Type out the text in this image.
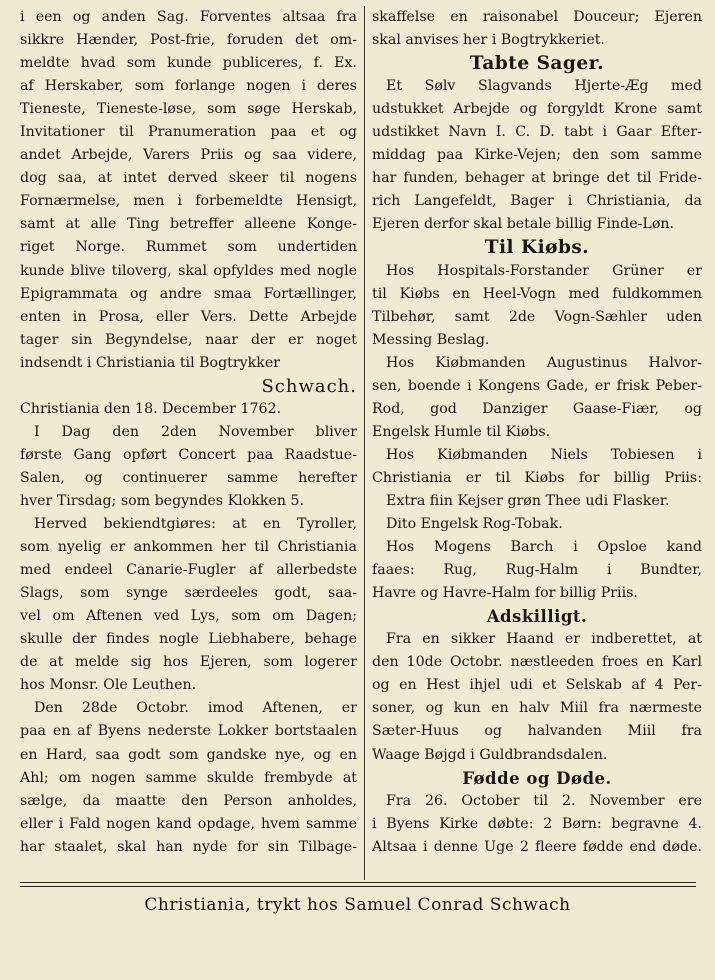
i een og anden Sag. Forventes altsaa fra
sikkre Hænder, Post-frie, foruden det om-
meldte hvad som kunde publiceres, f. Ex.
af Herskaber, som forlange nogen i deres
Tieneste, Tieneste-løse, som søge Herskab,
Invitationer til Pranumeration paa et og
andet Arbejde, Varers Priis og saa videre,
dog saa, at intet derved skeer til nogens
Fornærmelse, men i forbemeldte Hensigt,
samt at alle Ting betreffer alleene Konge-
riget Norge. Rummet som undertiden
kunde blive tiloverg, skal opfyldes med nogle
Epigrammata og andre smaa Fortællinger,
enten in Prosa, eller Vers. Dette Arbejde
tager sin Begyndelse, naar der er noget
indsendt i Christiania til Bogtrykker
Schwach.
Christiania den 18. December 1762.
I Dag den 2den November bliver
første Gang opført Concert paa Raadstue-
Salen, og continuerer samme herefter
hver Tirsdag; som begyndes Klokken 5.
Herved bekiendtgiøres: at en Tyroller,
som nyelig er ankommen her til Christiania
med endeel Canarie-Fugler af allerbedste
Slags, som synge særdeeles godt, saa-
vel om Aftenen ved Lys, som om Dagen;
skulle der findes nogle Liebhabere, behage
de at melde sig hos Ejeren, som logerer
hos Monsr. Ole Leuthen.
Den 28de Octobr. imod Aftenen, er
paa en af Byens nederste Lokker bortstaalen
en Hard, saa godt som gandske nye, og en
Ahl; om nogen samme skulde frembyde at
sælge, da maatte den Person anholdes,
eller i Fald nogen kand opdage, hvem samme
har staalet, skal han nyde for sin Tilbage-
skaffelse en raisonabel Douceur; Ejeren
skal anvises her i Bogtrykkeriet.
Tabte Sager.
Et Sølv Slagvands Hjerte-Æg med
udstukket Arbejde og forgyldt Krone samt
udstikket Navn I. C. D. tabt i Gaar Efter-
middag paa Kirke-Vejen; den som samme
har funden, behager at bringe det til Fride-
rich Langefeldt, Bager i Christiania, da
Ejeren derfor skal betale billig Finde-Løn.
Til Kiøbs.
Hos Hospitals-Forstander Grüner er
til Kiøbs en Heel-Vogn med fuldkommen
Tilbehør, samt 2de Vogn-Sæhler uden
Messing Beslag.
Hos Kiøbmanden Augustinus Halvor-
sen, boende i Kongens Gade, er frisk Peber-
Rod, god Danziger Gaase-Fiær, og
Engelsk Humle til Kiøbs.
Hos Kiøbmanden Niels Tobiesen i
Christiania er til Kiøbs for billig Priis:
Extra fiin Kejser grøn Thee udi Flasker.
Dito Engelsk Rog-Tobak.
Hos Mogens Barch i Opsloe kand
faaes: Rug, Rug-Halm i Bundter,
Havre og Havre-Halm for billig Priis.
Adskilligt.
Fra en sikker Haand er indberettet, at
den 10de Octobr. næstleeden froes en Karl
og en Hest ihjel udi et Selskab af 4 Per-
soner, og kun en halv Miil fra nærmeste
Sæter-Huus og halvanden Miil fra
Waage Bøjgd i Guldbrandsdalen.
Fødde og Døde.
Fra 26. October til 2. November ere
i Byens Kirke døbte: 2 Børn: begravne 4.
Altsaa i denne Uge 2 fleere fødde end døde.
Christiania, trykt hos Samuel Conrad Schwach
